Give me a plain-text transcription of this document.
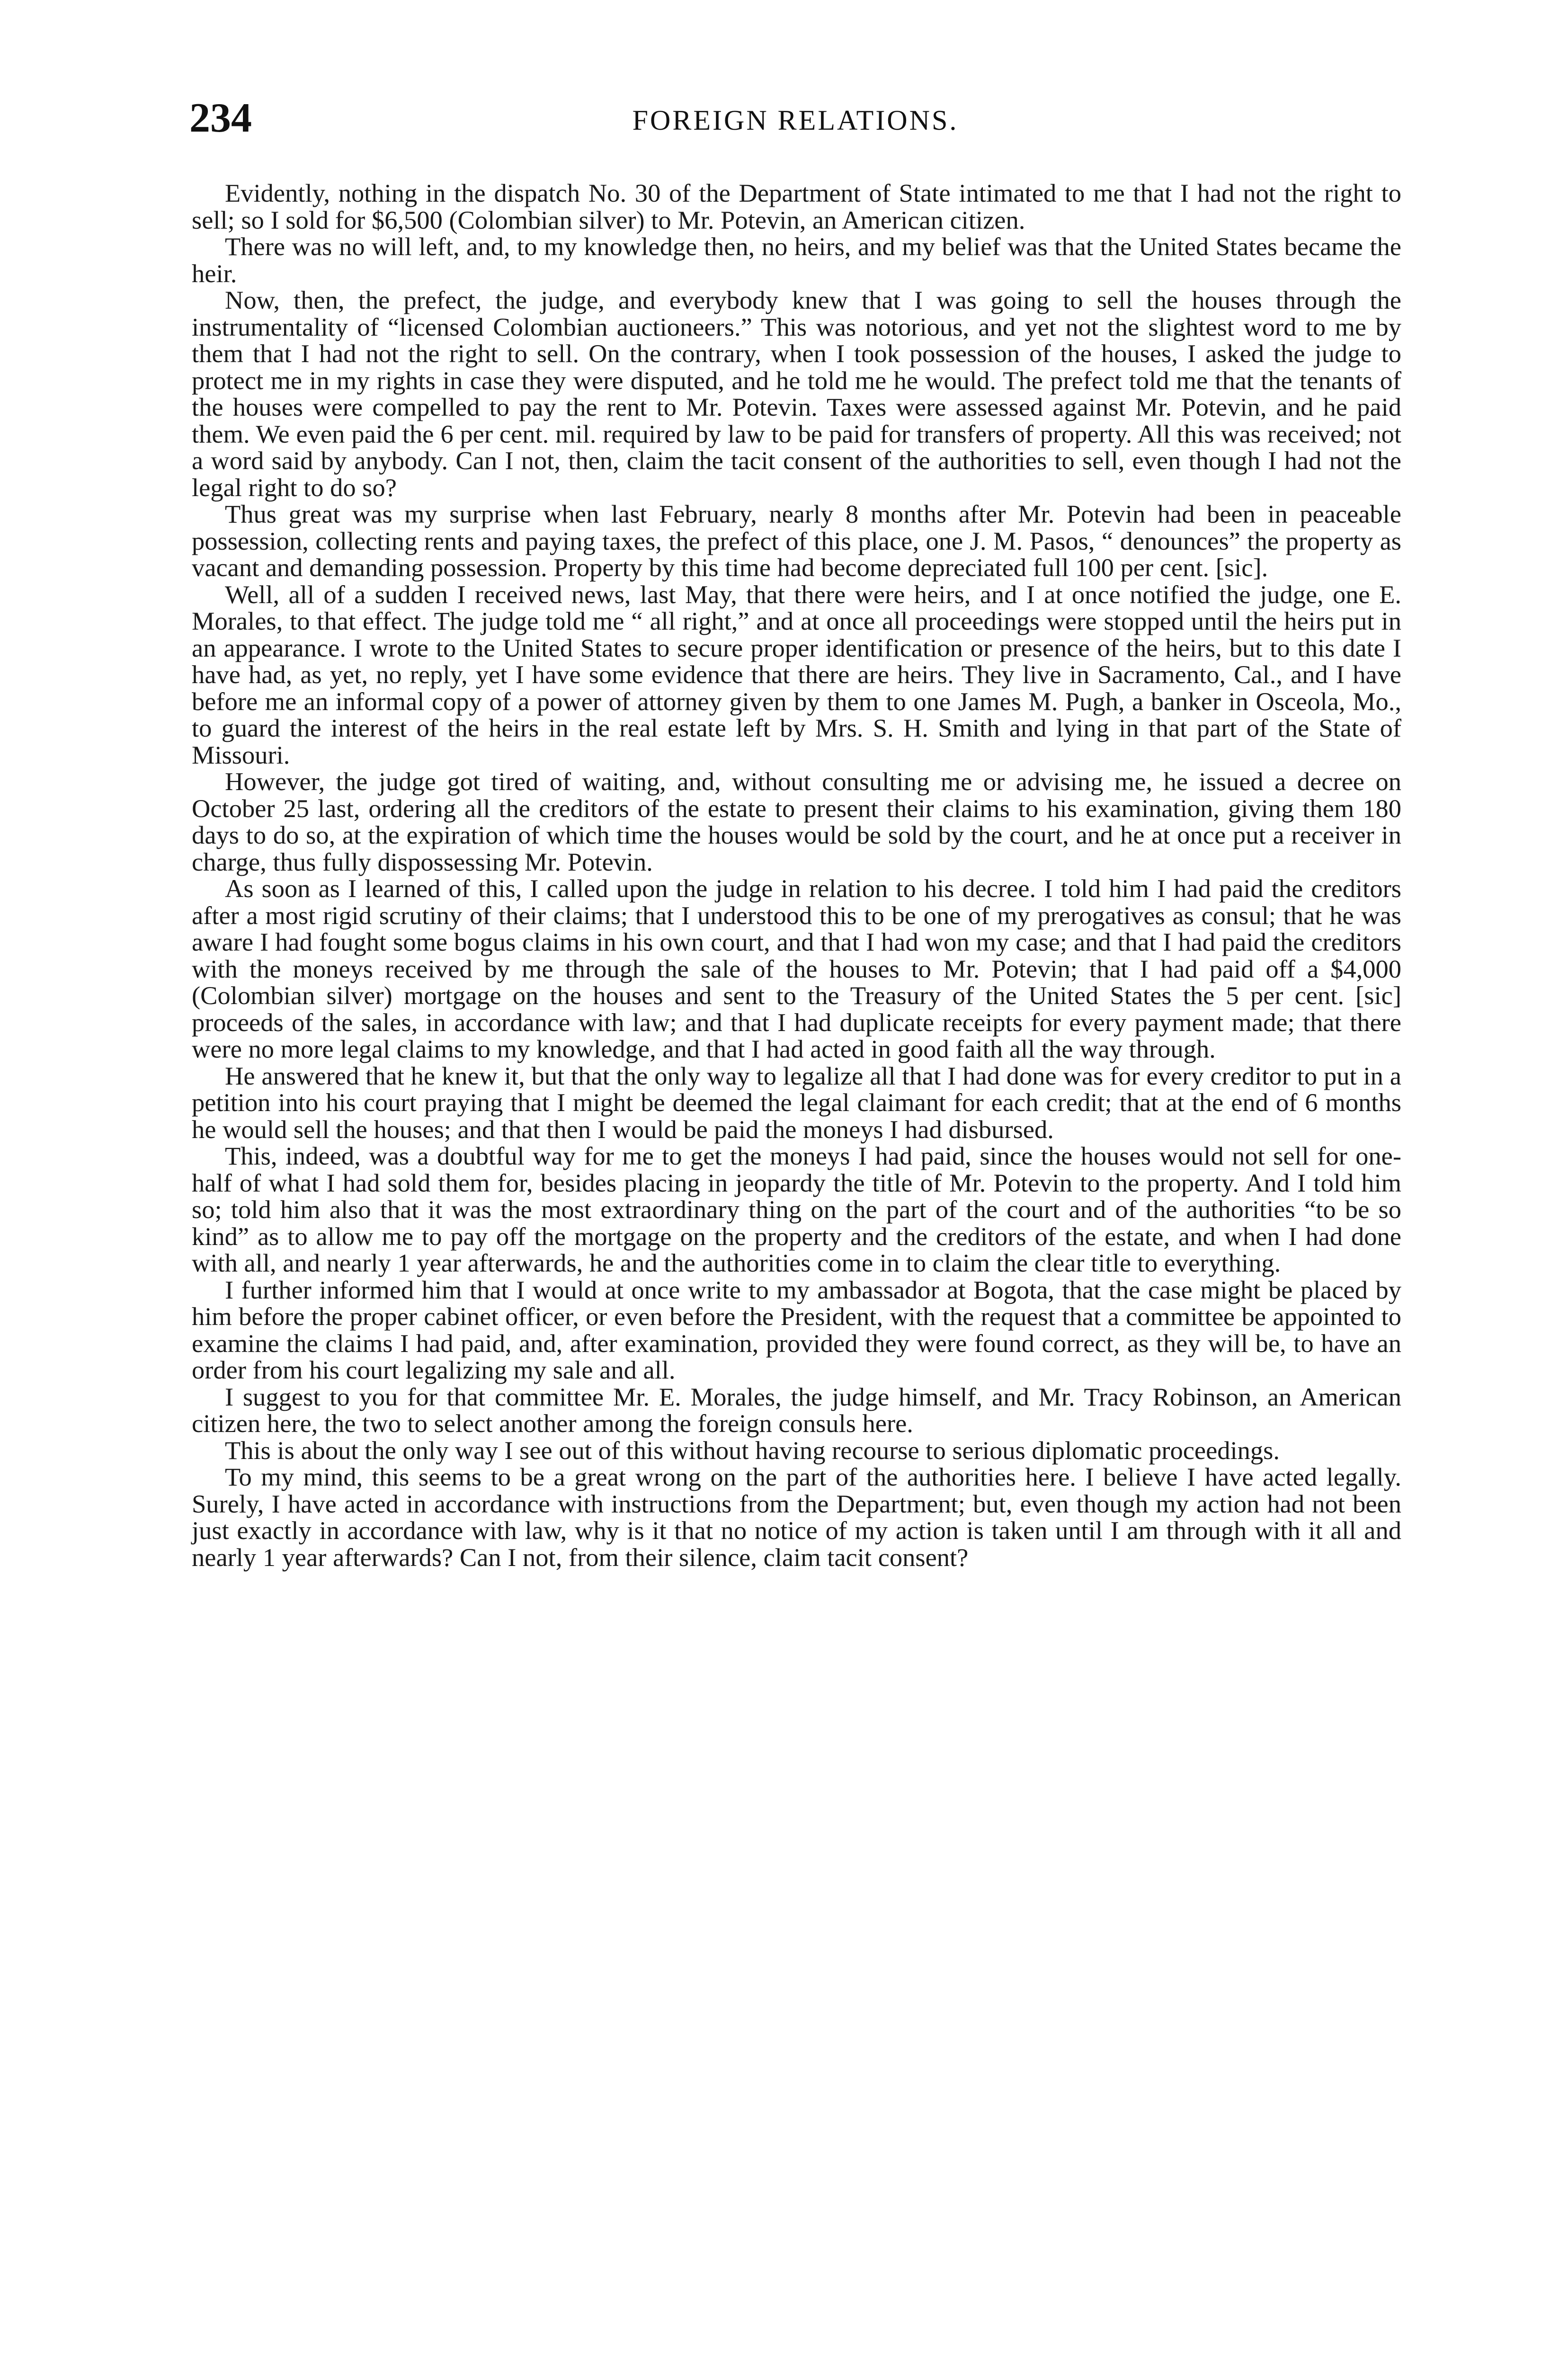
234	FOREIGN RELATIONS.

Evidently, nothing in the dispatch No. 30 of the Department of State intimated to me that I had not the right to sell; so I sold for $6,500 (Colombian silver) to Mr. Potevin, an American citizen.

There was no will left, and, to my knowledge then, no heirs, and my belief was that the United States became the heir.

Now, then, the prefect, the judge, and everybody knew that I was going to sell the houses through the instrumentality of “licensed Colombian auctioneers.” This was notorious, and yet not the slightest word to me by them that I had not the right to sell. On the contrary, when I took possession of the houses, I asked the judge to protect me in my rights in case they were disputed, and he told me he would. The prefect told me that the tenants of the houses were compelled to pay the rent to Mr. Potevin. Taxes were assessed against Mr. Potevin, and he paid them. We even paid the 6 per cent. mil. required by law to be paid for transfers of property. All this was received; not a word said by anybody. Can I not, then, claim the tacit consent of the authorities to sell, even though I had not the legal right to do so?

Thus great was my surprise when last February, nearly 8 months after Mr. Potevin had been in peaceable possession, collecting rents and paying taxes, the prefect of this place, one J. M. Pasos, “ denounces” the property as vacant and demanding possession. Property by this time had become depreciated full 100 per cent. [sic].

Well, all of a sudden I received news, last May, that there were heirs, and I at once notified the judge, one E. Morales, to that effect. The judge told me “ all right,” and at once all proceedings were stopped until the heirs put in an appearance. I wrote to the United States to secure proper identification or presence of the heirs, but to this date I have had, as yet, no reply, yet I have some evidence that there are heirs. They live in Sacramento, Cal., and I have before me an informal copy of a power of attorney given by them to one James M. Pugh, a banker in Osceola, Mo., to guard the interest of the heirs in the real estate left by Mrs. S. H. Smith and lying in that part of the State of Missouri.

However, the judge got tired of waiting, and, without consulting me or advising me, he issued a decree on October 25 last, ordering all the creditors of the estate to present their claims to his examination, giving them 180 days to do so, at the expiration of which time the houses would be sold by the court, and he at once put a receiver in charge, thus fully dispossessing Mr. Potevin.

As soon as I learned of this, I called upon the judge in relation to his decree. I told him I had paid the creditors after a most rigid scrutiny of their claims; that I understood this to be one of my prerogatives as consul; that he was aware I had fought some bogus claims in his own court, and that I had won my case; and that I had paid the creditors with the moneys received by me through the sale of the houses to Mr. Potevin; that I had paid off a $4,000 (Colombian silver) mortgage on the houses and sent to the Treasury of the United States the 5 per cent. [sic] proceeds of the sales, in accordance with law; and that I had duplicate receipts for every payment made; that there were no more legal claims to my knowledge, and that I had acted in good faith all the way through.

He answered that he knew it, but that the only way to legalize all that I had done was for every creditor to put in a petition into his court praying that I might be deemed the legal claimant for each credit; that at the end of 6 months he would sell the houses; and that then I would be paid the moneys I had disbursed.

This, indeed, was a doubtful way for me to get the moneys I had paid, since the houses would not sell for one-half of what I had sold them for, besides placing in jeopardy the title of Mr. Potevin to the property. And I told him so; told him also that it was the most extraordinary thing on the part of the court and of the authorities “to be so kind” as to allow me to pay off the mortgage on the property and the creditors of the estate, and when I had done with all, and nearly 1 year afterwards, he and the authorities come in to claim the clear title to everything.

I further informed him that I would at once write to my ambassador at Bogota, that the case might be placed by him before the proper cabinet officer, or even before the President, with the request that a committee be appointed to examine the claims I had paid, and, after examination, provided they were found correct, as they will be, to have an order from his court legalizing my sale and all.

I suggest to you for that committee Mr. E. Morales, the judge himself, and Mr. Tracy Robinson, an American citizen here, the two to select another among the foreign consuls here.

This is about the only way I see out of this without having recourse to serious diplomatic proceedings.

To my mind, this seems to be a great wrong on the part of the authorities here. I believe I have acted legally. Surely, I have acted in accordance with instructions from the Department; but, even though my action had not been just exactly in accordance with law, why is it that no notice of my action is taken until I am through with it all and nearly 1 year afterwards? Can I not, from their silence, claim tacit consent?
